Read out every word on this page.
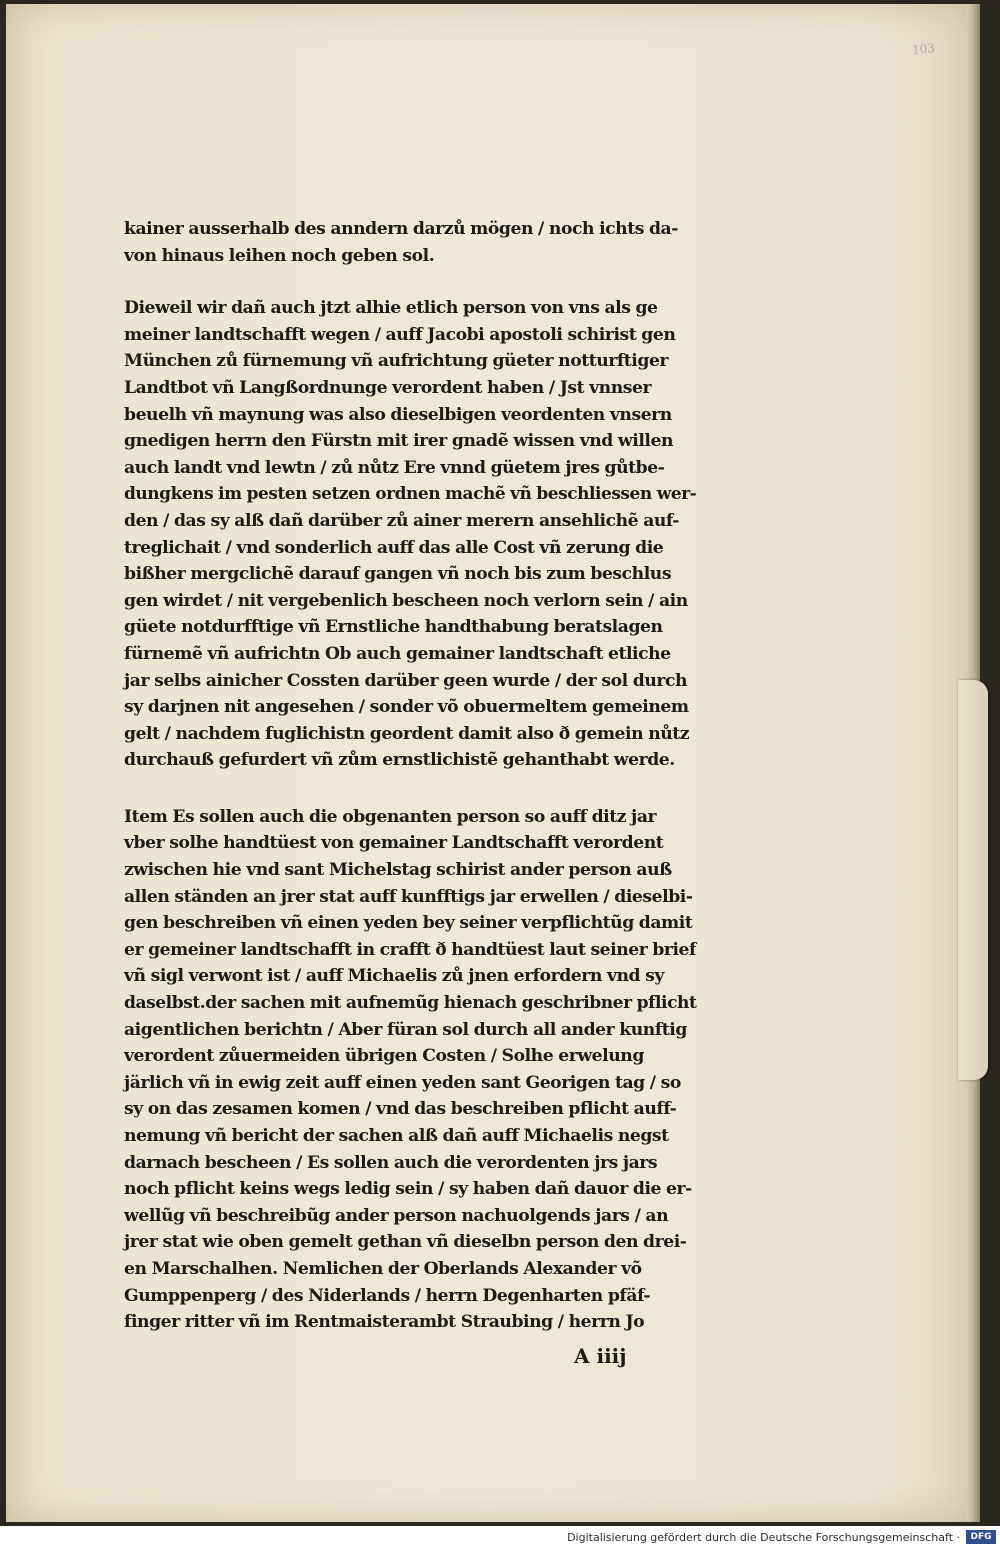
103
kainer ausserhalb des anndern darzů mögen / noch ichts da-
von hinaus leihen noch geben sol.
Dieweil wir dañ auch jtzt alhie etlich person von vns als ge
meiner landtschafft wegen / auff Jacobi apostoli schirist gen
München zů fürnemung vñ aufrichtung güeter notturftiger
Landtbot vñ Langßordnunge verordent haben / Jst vnnser
beuelh vñ maynung was also dieselbigen veordenten vnsern
gnedigen herrn den Fürstn mit irer gnadẽ wissen vnd willen
auch landt vnd lewtn / zů nůtz Ere vnnd güetem jres gůtbe-
dungkens im pesten setzen ordnen machẽ vñ beschliessen wer-
den / das sy alß dañ darüber zů ainer merern ansehlichẽ auf-
treglichait / vnd sonderlich auff das alle Cost vñ zerung die
bißher mergclichẽ darauf gangen vñ noch bis zum beschlus
gen wirdet / nit vergebenlich bescheen noch verlorn sein / ain
güete notdurfftige vñ Ernstliche handthabung beratslagen
fürnemẽ vñ aufrichtn Ob auch gemainer landtschaft etliche
jar selbs ainicher Cossten darüber geen wurde / der sol durch
sy darjnen nit angesehen / sonder võ obuermeltem gemeinem
gelt / nachdem fuglichistn geordent damit also ð gemein nůtz
durchauß gefurdert vñ zům ernstlichistẽ gehanthabt werde.
Item Es sollen auch die obgenanten person so auff ditz jar
vber solhe handtüest von gemainer Landtschafft verordent
zwischen hie vnd sant Michelstag schirist ander person auß
allen ständen an jrer stat auff kunfftigs jar erwellen / dieselbi-
gen beschreiben vñ einen yeden bey seiner verpflichtũg damit
er gemeiner landtschafft in crafft ð handtüest laut seiner brief
vñ sigl verwont ist / auff Michaelis zů jnen erfordern vnd sy
daselbst.der sachen mit aufnemũg hienach geschribner pflicht
aigentlichen berichtn / Aber füran sol durch all ander kunftig
verordent zůuermeiden übrigen Costen / Solhe erwelung
järlich vñ in ewig zeit auff einen yeden sant Georigen tag / so
sy on das zesamen komen / vnd das beschreiben pflicht auff-
nemung vñ bericht der sachen alß dañ auff Michaelis negst
darnach bescheen / Es sollen auch die verordenten jrs jars
noch pflicht keins wegs ledig sein / sy haben dañ dauor die er-
wellũg vñ beschreibũg ander person nachuolgends jars / an
jrer stat wie oben gemelt gethan vñ dieselbn person den drei-
en Marschalhen. Nemlichen der Oberlands Alexander võ
Gumppenperg / des Niderlands / herrn Degenharten pfäf-
finger ritter vñ im Rentmaisterambt Straubing / herrn Jo
A iiij
Digitalisierung gefördert durch die Deutsche Forschungsgemeinschaft ·	DFG
